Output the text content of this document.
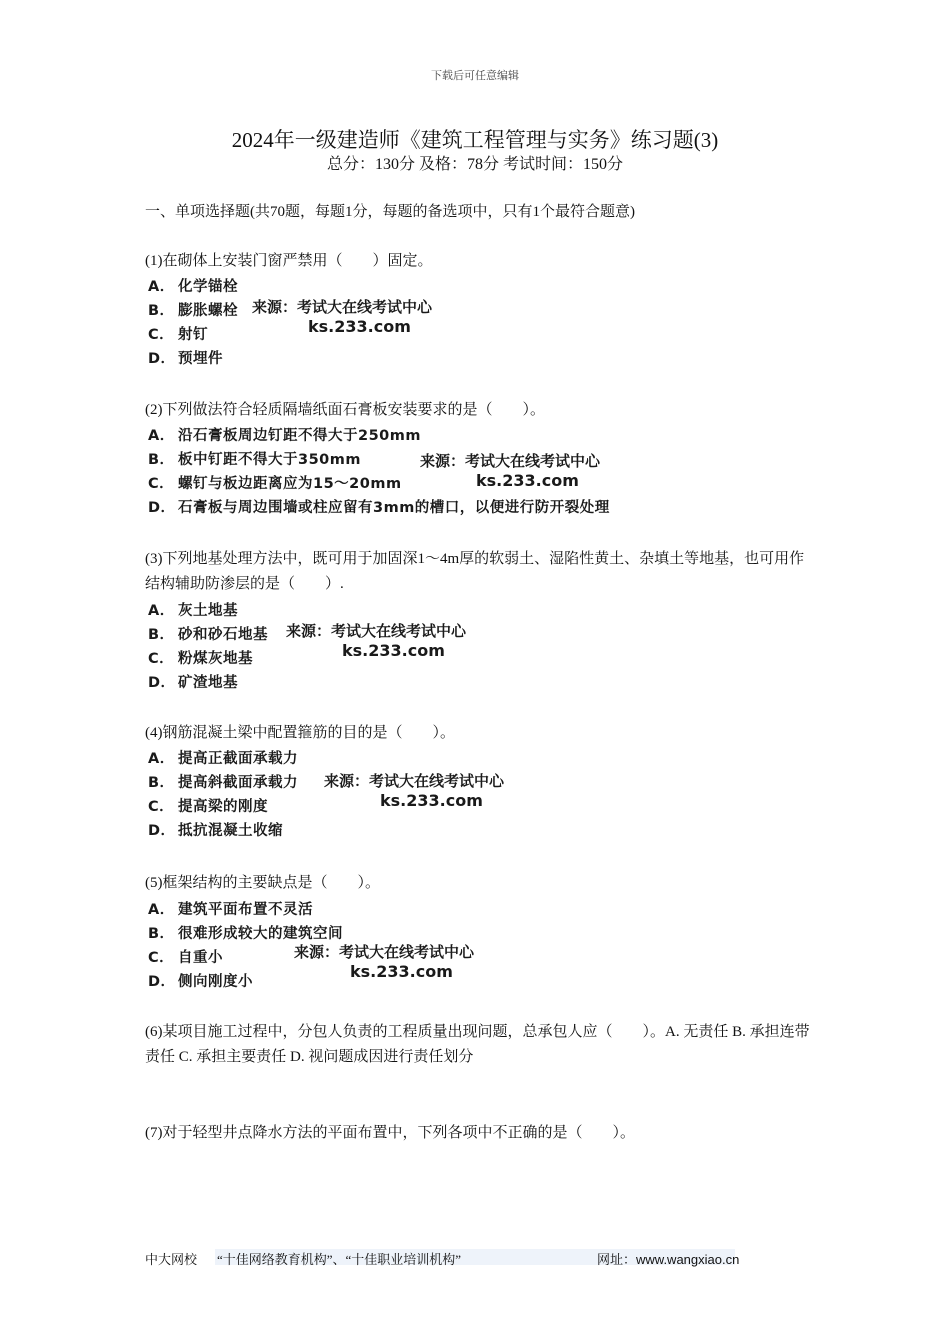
下载后可任意编辑
2024年一级建造师《建筑工程管理与实务》练习题(3)
总分：130分 及格：78分 考试时间：150分
一、单项选择题(共70题，每题1分，每题的备选项中，只有1个最符合题意)
(1)在砌体上安装门窗严禁用（　　）固定。
A． 化学锚栓
B． 膨胀螺栓
C． 射钉
D． 预埋件
来源：考试大在线考试中心
ks.233.com
(2)下列做法符合轻质隔墙纸面石膏板安装要求的是（　　）。
A． 沿石膏板周边钉距不得大于250mm
B． 板中钉距不得大于350mm
C． 螺钉与板边距离应为15～20mm
D． 石膏板与周边围墙或柱应留有3mm的槽口，以便进行防开裂处理
来源：考试大在线考试中心
ks.233.com
(3)下列地基处理方法中，既可用于加固深1～4m厚的软弱土、湿陷性黄土、杂填土等地基，也可用作结构辅助防渗层的是（　　）.
A． 灰土地基
B． 砂和砂石地基
C． 粉煤灰地基
D． 矿渣地基
来源：考试大在线考试中心
ks.233.com
(4)钢筋混凝土梁中配置箍筋的目的是（　　）。
A． 提高正截面承载力
B． 提高斜截面承载力
C． 提高梁的刚度
D． 抵抗混凝土收缩
来源：考试大在线考试中心
ks.233.com
(5)框架结构的主要缺点是（　　）。
A． 建筑平面布置不灵活
B． 很难形成较大的建筑空间
C． 自重小
D． 侧向刚度小
来源：考试大在线考试中心
ks.233.com
(6)某项目施工过程中，分包人负责的工程质量出现问题，总承包人应（　　）。A. 无责任 B. 承担连带责任 C. 承担主要责任 D. 视问题成因进行责任划分
(7)对于轻型井点降水方法的平面布置中，下列各项中不正确的是（　　）。
中大网校 “十佳网络教育机构”、“十佳职业培训机构”	网址：www.wangxiao.cn
